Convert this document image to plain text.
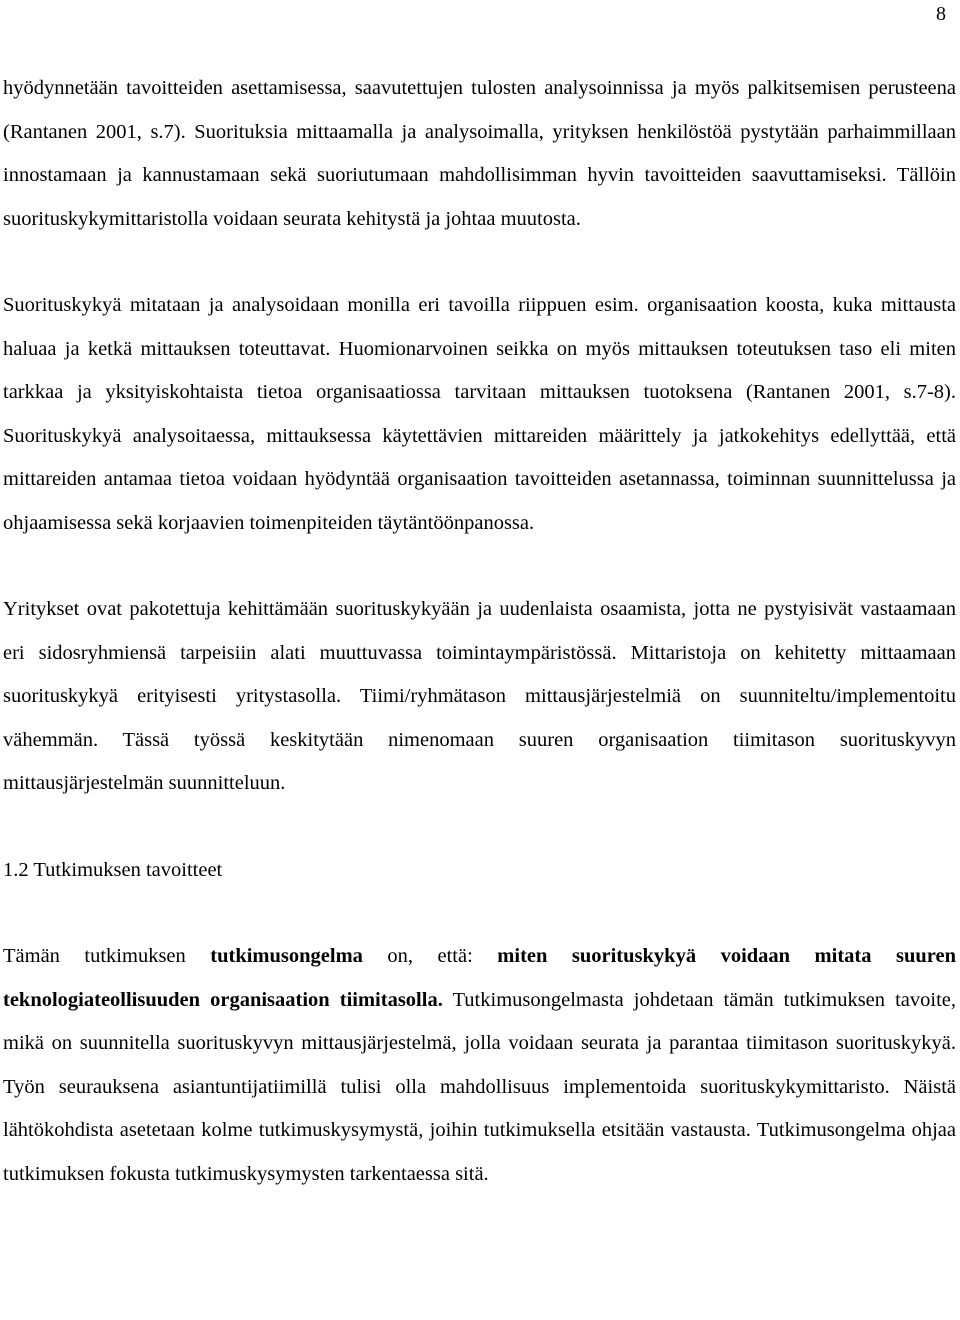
8

hyödynnetään tavoitteiden asettamisessa, saavutettujen tulosten analysoinnissa ja myös palkitsemisen perusteena (Rantanen 2001, s.7). Suorituksia mittaamalla ja analysoimalla, yrityksen henkilöstöä pystytään parhaimmillaan innostamaan ja kannustamaan sekä suoriutumaan mahdollisimman hyvin tavoitteiden saavuttamiseksi. Tällöin suorituskykymittaristolla voidaan seurata kehitystä ja johtaa muutosta.

Suorituskykyä mitataan ja analysoidaan monilla eri tavoilla riippuen esim. organisaation koosta, kuka mittausta haluaa ja ketkä mittauksen toteuttavat. Huomionarvoinen seikka on myös mittauksen toteutuksen taso eli miten tarkkaa ja yksityiskohtaista tietoa organisaatiossa tarvitaan mittauksen tuotoksena (Rantanen 2001, s.7-8). Suorituskykyä analysoitaessa, mittauksessa käytettävien mittareiden määrittely ja jatkokehitys edellyttää, että mittareiden antamaa tietoa voidaan hyödyntää organisaation tavoitteiden asetannassa, toiminnan suunnittelussa ja ohjaamisessa sekä korjaavien toimenpiteiden täytäntöönpanossa.

Yritykset ovat pakotettuja kehittämään suorituskykyään ja uudenlaista osaamista, jotta ne pystyisivät vastaamaan eri sidosryhmiensä tarpeisiin alati muuttuvassa toimintaympäristössä. Mittaristoja on kehitetty mittaamaan suorituskykyä erityisesti yritystasolla. Tiimi/ryhmätason mittausjärjestelmiä on suunniteltu/implementoitu vähemmän. Tässä työssä keskitytään nimenomaan suuren organisaation tiimitason suorituskyvyn mittausjärjestelmän suunnitteluun.

1.2 Tutkimuksen tavoitteet

Tämän tutkimuksen tutkimusongelma on, että: miten suorituskykyä voidaan mitata suuren teknologiateollisuuden organisaation tiimitasolla. Tutkimusongelmasta johdetaan tämän tutkimuksen tavoite, mikä on suunnitella suorituskyvyn mittausjärjestelmä, jolla voidaan seurata ja parantaa tiimitason suorituskykyä. Työn seurauksena asiantuntijatiimillä tulisi olla mahdollisuus implementoida suorituskykymittaristo. Näistä lähtökohdista asetetaan kolme tutkimuskysymystä, joihin tutkimuksella etsitään vastausta. Tutkimusongelma ohjaa tutkimuksen fokusta tutkimuskysymysten tarkentaessa sitä.
